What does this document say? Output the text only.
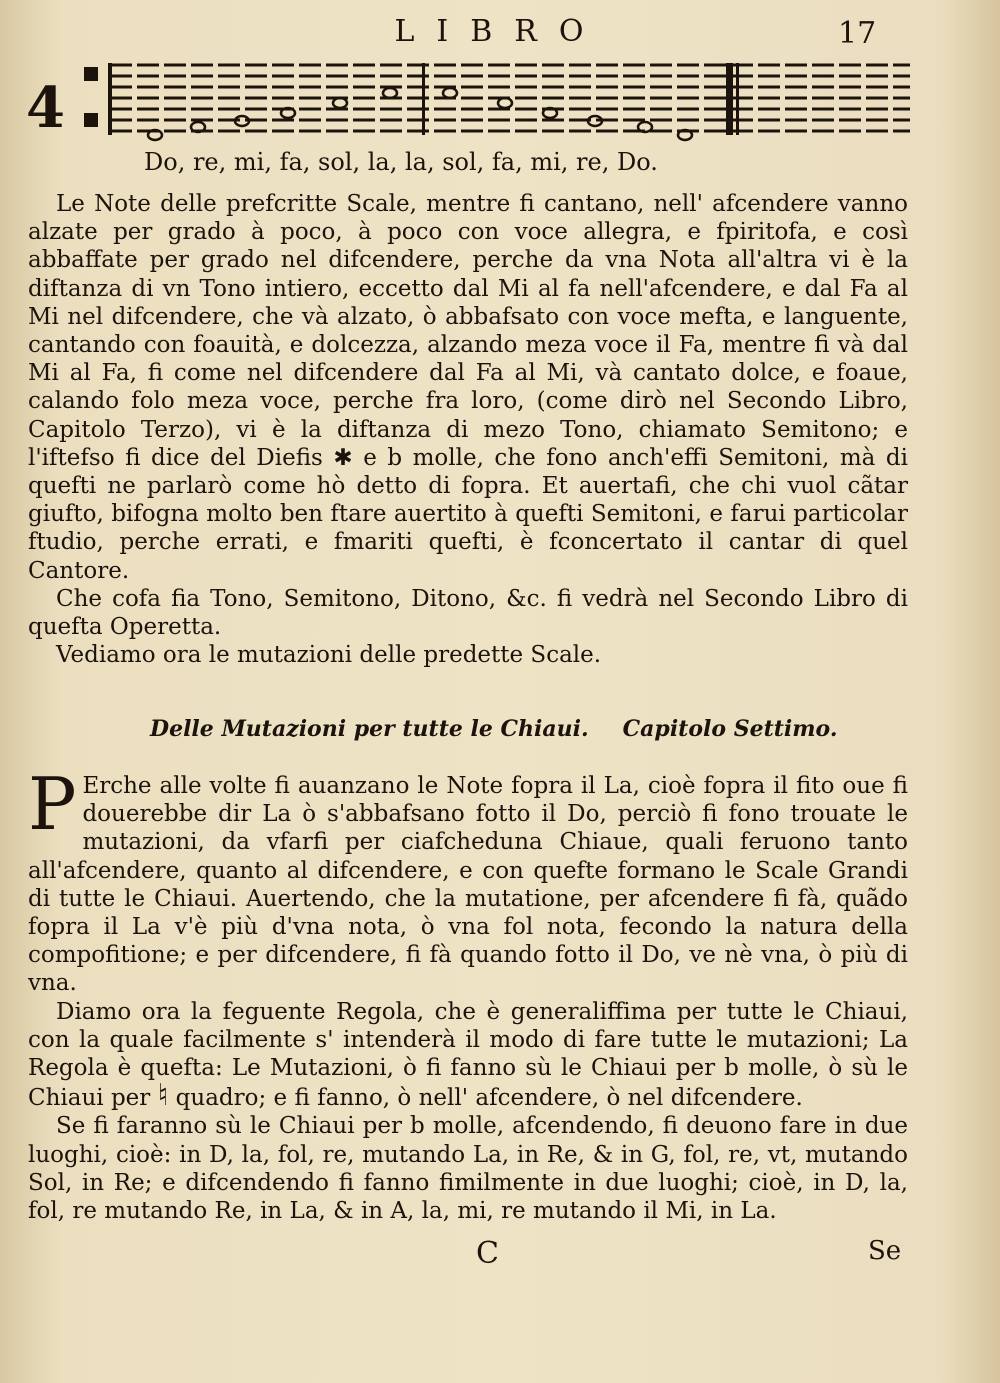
LIBRO	17
4
Do, re, mi, fa, sol, la, la, sol, fa, mi, re, Do.

Le Note delle prefcritte Scale, mentre fi cantano, nell' afcendere vanno alzate per grado à poco, à poco con voce allegra, e fpiritofa, e così abbaffate per grado nel difcendere, perche da vna Nota all'altra vi è la diftanza di vn Tono intiero, eccetto dal Mi al fa nell'afcendere, e dal Fa al Mi nel difcendere, che và alzato, ò abbafsato con voce mefta, e languente, cantando con foauità, e dolcezza, alzando meza voce il Fa, mentre fi và dal Mi al Fa, fi come nel difcendere dal Fa al Mi, và cantato dolce, e foaue, calando folo meza voce, perche fra loro, (come dirò nel Secondo Libro, Capitolo Terzo), vi è la diftanza di mezo Tono, chiamato Semitono; e l'iftefso fi dice del Diefis ✱ e b molle, che fono anch'effi Semitoni, mà di quefti ne parlarò come hò detto di fopra. Et auertafi, che chi vuol cãtar giufto, bifogna molto ben ftare auertito à quefti Semitoni, e farui particolar ftudio, perche errati, e fmariti quefti, è fconcertato il cantar di quel Cantore.

Che cofa fia Tono, Semitono, Ditono, &c. fi vedrà nel Secondo Libro di quefta Operetta.

Vediamo ora le mutazioni delle predette Scale.

Delle Mutazioni per tutte le Chiaui. Capitolo Settimo.

P Erche alle volte fi auanzano le Note fopra il La, cioè fopra il fito oue fi douerebbe dir La ò s'abbafsano fotto il Do, perciò fi fono trouate le mutazioni, da vfarfi per ciafcheduna Chiaue, quali feruono tanto all'afcendere, quanto al difcendere, e con quefte formano le Scale Grandi di tutte le Chiaui. Auertendo, che la mutatione, per afcendere fi fà, quãdo fopra il La v'è più d'vna nota, ò vna fol nota, fecondo la natura della compofitione; e per difcendere, fi fà quando fotto il Do, ve nè vna, ò più di vna.

Diamo ora la feguente Regola, che è generaliffima per tutte le Chiaui, con la quale facilmente s' intenderà il modo di fare tutte le mutazioni; La Regola è quefta: Le Mutazioni, ò fi fanno sù le Chiaui per b molle, ò sù le Chiaui per ♮ quadro; e fi fanno, ò nell' afcendere, ò nel difcendere.

Se fi faranno sù le Chiaui per b molle, afcendendo, fi deuono fare in due luoghi, cioè: in D, la, fol, re, mutando La, in Re, & in G, fol, re, vt, mutando Sol, in Re; e difcendendo fi fanno fimilmente in due luoghi; cioè, in D, la, fol, re mutando Re, in La, & in A, la, mi, re mutando il Mi, in La.

C	Se
